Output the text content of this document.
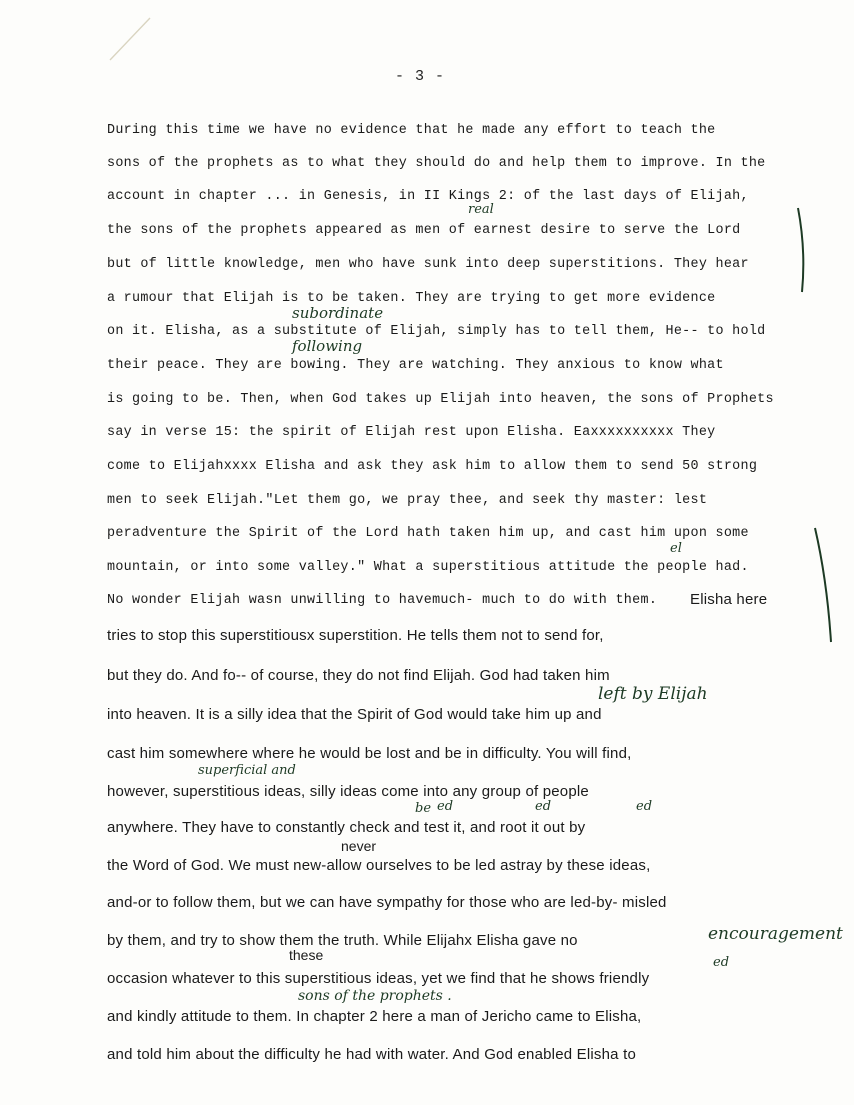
- 3 -
During this time we have no evidence that he made any effort to teach the
sons of the prophets as to what they should do and help them to improve. In the
account in chapter ... in Genesis, in II Kings 2: of the last days of Elijah,
the sons of the prophets appeared as men of earnest desire to serve the Lord
but of little knowledge, men who have sunk into deep superstitions. They hear
a rumour that Elijah is to be taken. They are trying to get more evidence
on it. Elisha, as a substitute of Elijah, simply has to tell them, He-- to hold
their peace. They are bowing. They are watching. They anxious to know what
is going to be. Then, when God takes up Elijah into heaven, the sons of Prophets
say in verse 15: the spirit of Elijah rest upon Elisha. Eaxxxxxxxxxx They
come to Elijahxxxx Elisha and ask they ask him to allow them to send 50 strong
men to seek Elijah."Let them go, we pray thee, and seek thy master: lest
peradventure the Spirit of the Lord hath taken him up, and cast him upon some
mountain, or into some valley." What a superstitious attitude the people had.
No wonder Elijah wasn unwilling to havemuch- much to do with them.
tries to stop this superstitiousx superstition. He tells them not to send for,
but they do. And fo-- of course, they do not find Elijah. God had taken him
into heaven. It is a silly idea that the Spirit of God would take him up and
cast him somewhere where he would be lost and be in difficulty. You will find,
however, superstitious ideas, silly ideas come into any group of people
anywhere. They have to constantly check and test it, and root it out by
the Word of God. We must new-allow ourselves to be led astray by these ideas,
and-or to follow them, but we can have sympathy for those who are led-by- misled
by them, and try to show them the truth. While Elijahx Elisha gave no
occasion whatever to this superstitious ideas, yet we find that he shows friendly
and kindly attitude to them. In chapter 2 here a man of Jericho came to Elisha,
and told him about the difficulty he had with water. And God enabled Elisha to
Elisha here
never
these
real
subordinate
following
el
left by Elijah
superficial and
be ed	ed	ed
encouragement
ed
sons of the prophets .
